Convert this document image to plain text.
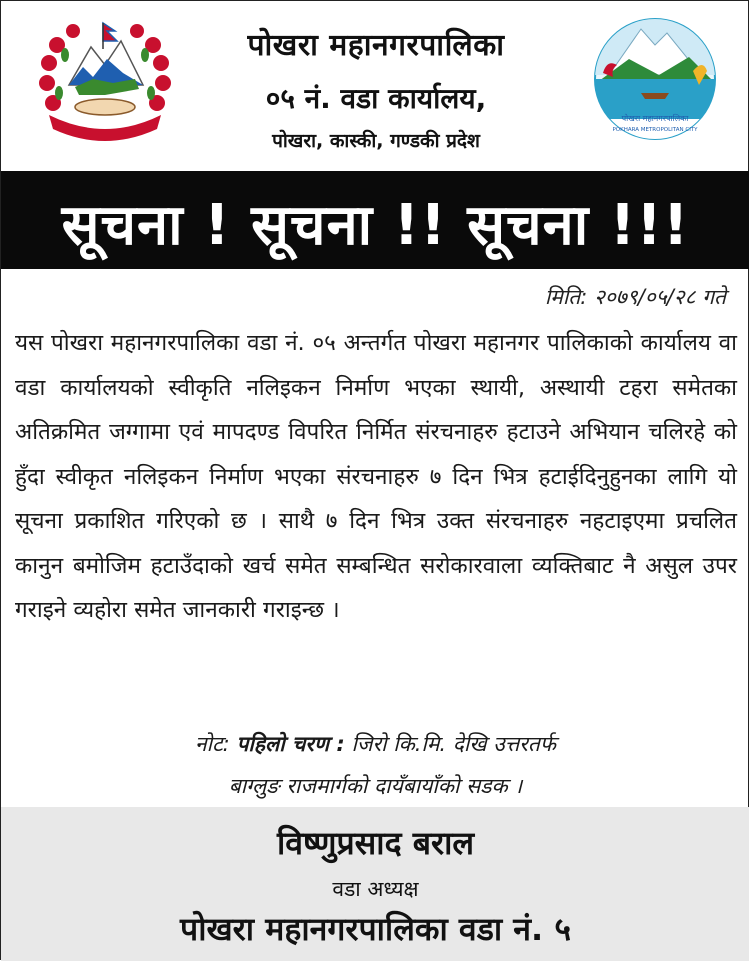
पोखरा महानगरपालिका
०५ नं. वडा कार्यालय,
पोखरा, कास्की, गण्डकी प्रदेश
पोखरा महानगरपालिका
POKHARA METROPOLITAN CITY
सूचना ! सूचना !! सूचना !!!
मिति: २०७९/०५/२८ गते

यस पोखरा महानगरपालिका वडा नं. ०५ अन्तर्गत पोखरा महानगर पालिकाको कार्यालय वा वडा कार्यालयको स्वीकृति नलिइकन निर्माण भएका स्थायी, अस्थायी टहरा समेतका अतिक्रमित जग्गामा एवं मापदण्ड विपरित निर्मित संरचनाहरु हटाउने अभियान चलिरहे को हुँदा स्वीकृत नलिइकन निर्माण भएका संरचनाहरु ७ दिन भित्र हटाईदिनुहुनका लागि यो सूचना प्रकाशित गरिएको छ । साथै ७ दिन भित्र उक्त संरचनाहरु नहटाइएमा प्रचलित कानुन बमोजिम हटाउँदाको खर्च समेत सम्बन्धित सरोकारवाला व्यक्तिबाट नै असुल उपर गराइने व्यहोरा समेत जानकारी गराइन्छ ।

नोट: पहिलो चरण : जिरो कि.मि. देखि उत्तरतर्फ
बाग्लुङ राजमार्गको दायँबायाँको सडक ।
विष्णुप्रसाद बराल
वडा अध्यक्ष
पोखरा महानगरपालिका वडा नं. ५
